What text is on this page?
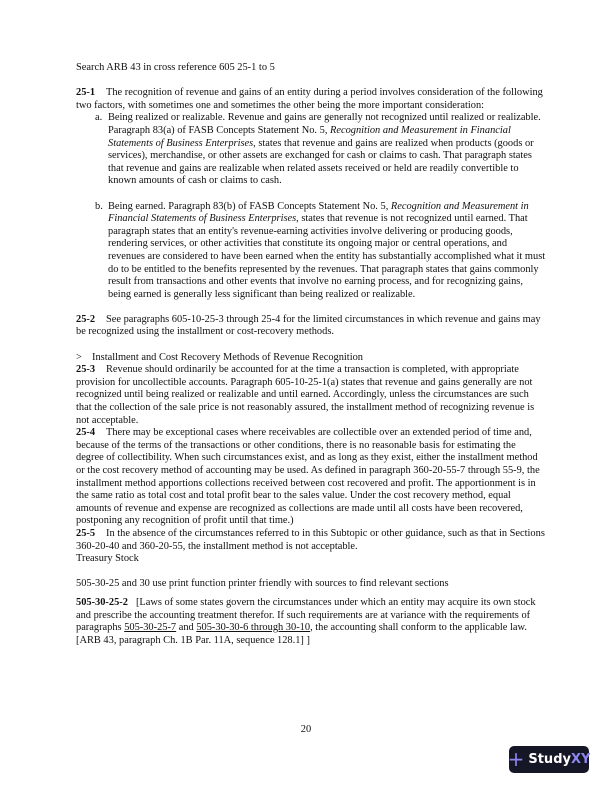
Search ARB 43 in cross reference 605 25-1 to 5

25-1 The recognition of revenue and gains of an entity during a period involves consideration of the following two factors, with sometimes one and sometimes the other being the more important consideration:

a. Being realized or realizable. Revenue and gains are generally not recognized until realized or realizable. Paragraph 83(a) of FASB Concepts Statement No. 5, Recognition and Measurement in Financial Statements of Business Enterprises, states that revenue and gains are realized when products (goods or services), merchandise, or other assets are exchanged for cash or claims to cash. That paragraph states that revenue and gains are realizable when related assets received or held are readily convertible to known amounts of cash or claims to cash.
b. Being earned. Paragraph 83(b) of FASB Concepts Statement No. 5, Recognition and Measurement in Financial Statements of Business Enterprises, states that revenue is not recognized until earned. That paragraph states that an entity's revenue-earning activities involve delivering or producing goods, rendering services, or other activities that constitute its ongoing major or central operations, and revenues are considered to have been earned when the entity has substantially accomplished what it must do to be entitled to the benefits represented by the revenues. That paragraph states that gains commonly result from transactions and other events that involve no earning process, and for recognizing gains, being earned is generally less significant than being realized or realizable.

25-2 See paragraphs 605-10-25-3 through 25-4 for the limited circumstances in which revenue and gains may be recognized using the installment or cost-recovery methods.

> Installment and Cost Recovery Methods of Revenue Recognition

25-3 Revenue should ordinarily be accounted for at the time a transaction is completed, with appropriate provision for uncollectible accounts. Paragraph 605-10-25-1(a) states that revenue and gains generally are not recognized until being realized or realizable and until earned. Accordingly, unless the circumstances are such that the collection of the sale price is not reasonably assured, the installment method of recognizing revenue is not acceptable.

25-4 There may be exceptional cases where receivables are collectible over an extended period of time and, because of the terms of the transactions or other conditions, there is no reasonable basis for estimating the degree of collectibility. When such circumstances exist, and as long as they exist, either the installment method or the cost recovery method of accounting may be used. As defined in paragraph 360-20-55-7 through 55-9, the installment method apportions collections received between cost recovered and profit. The apportionment is in the same ratio as total cost and total profit bear to the sales value. Under the cost recovery method, equal amounts of revenue and expense are recognized as collections are made until all costs have been recovered, postponing any recognition of profit until that time.)

25-5 In the absence of the circumstances referred to in this Subtopic or other guidance, such as that in Sections 360-20-40 and 360-20-55, the installment method is not acceptable.

Treasury Stock

505-30-25 and 30 use print function printer friendly with sources to find relevant sections

505-30-25-2 [Laws of some states govern the circumstances under which an entity may acquire its own stock and prescribe the accounting treatment therefor. If such requirements are at variance with the requirements of paragraphs 505-30-25-7 and 505-30-30-6 through 30-10, the accounting shall conform to the applicable law. [ARB 43, paragraph Ch. 1B Par. 11A, sequence 128.1] ]

20
+ StudyXY
